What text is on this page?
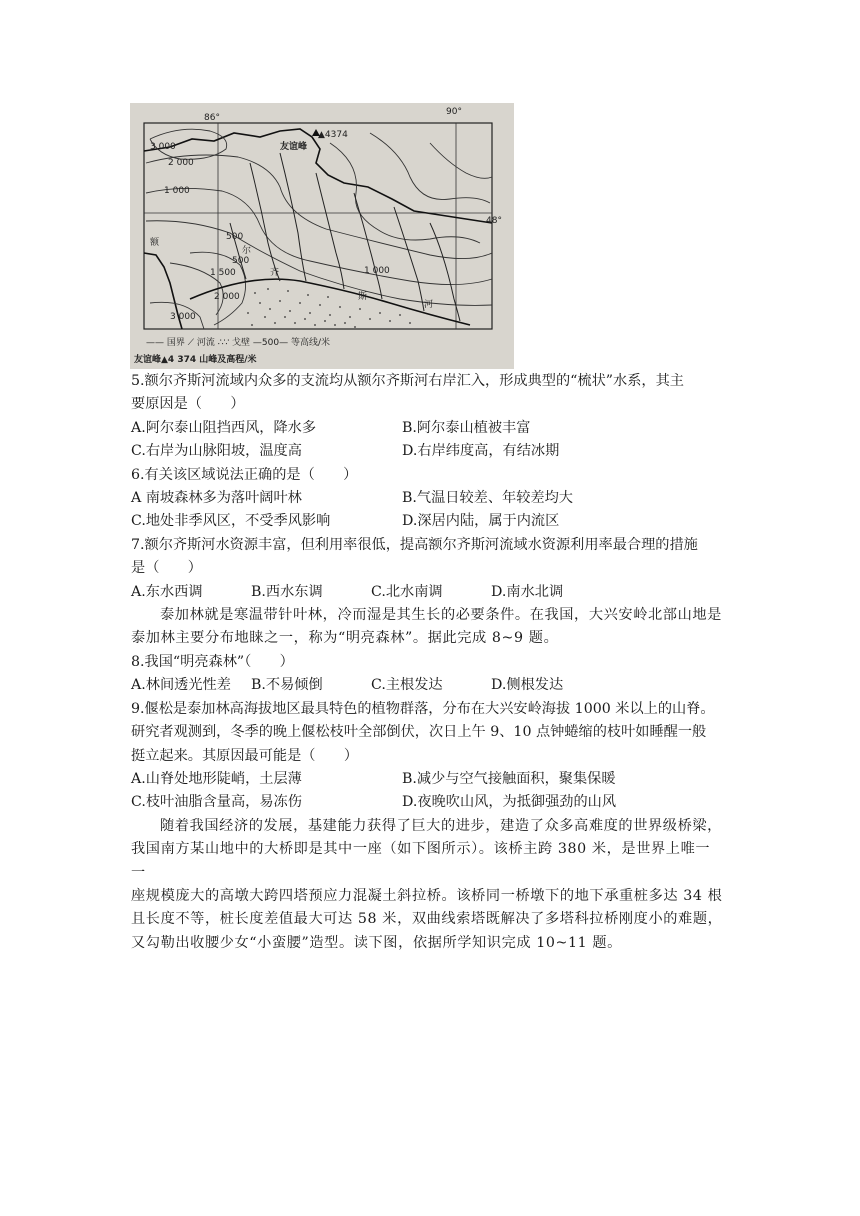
86°
90°
48°
▲4374
友谊峰
3 000
2 000
1 000
500
500
1 000
1 500
2 000
3 000
额
尔
齐
斯
河
—— 国界 ⟋ 河流 ∴∵ 戈壁 —500— 等高线/米
友谊峰▲4 374 山峰及高程/米

5.额尔齐斯河流域内众多的支流均从额尔齐斯河右岸汇入，形成典型的“梳状”水系，其主

要原因是（　　）

A.阿尔泰山阻挡西风，降水多	B.阿尔泰山植被丰富
C.右岸为山脉阳坡，温度高	D.右岸纬度高，有结冰期

6.有关该区域说法正确的是（　　）

A 南坡森林多为落叶阔叶林	B.气温日较差、年较差均大
C.地处非季风区，不受季风影响	D.深居内陆，属于内流区

7.额尔齐斯河水资源丰富，但利用率很低，提高额尔齐斯河流域水资源利用率最合理的措施

是（　　）

A.东水西调	B.西水东调	C.北水南调	D.南水北调

泰加林就是寒温带针叶林，冷而湿是其生长的必要条件。在我国，大兴安岭北部山地是

泰加林主要分布地睐之一，称为“明亮森林”。据此完成 8~9 题。

8.我国“明亮森林”（　　）

A.林间透光性差	B.不易倾倒	C.主根发达	D.侧根发达

9.偃松是泰加林高海拔地区最具特色的植物群落，分布在大兴安岭海拔 1000 米以上的山脊。

研究者观测到，冬季的晚上偃松枝叶全部倒伏，次日上午 9、10 点钟蜷缩的枝叶如睡醒一般

挺立起来。其原因最可能是（　　）

A.山脊处地形陡峭，土层薄	B.减少与空气接触面积，聚集保暖
C.枝叶油脂含量高，易冻伤	D.夜晚吹山风，为抵御强劲的山风

随着我国经济的发展，基建能力获得了巨大的进步，建造了众多高难度的世界级桥梁，

我国南方某山地中的大桥即是其中一座（如下图所示）。该桥主跨 380 米，是世界上唯一一

座规模庞大的高墩大跨四塔预应力混凝土斜拉桥。该桥同一桥墩下的地下承重桩多达 34 根

且长度不等，桩长度差值最大可达 58 米，双曲线索塔既解决了多塔科拉桥刚度小的难题，

又勾勒出收腰少女“小蛮腰”造型。读下图，依据所学知识完成 10~11 题。
